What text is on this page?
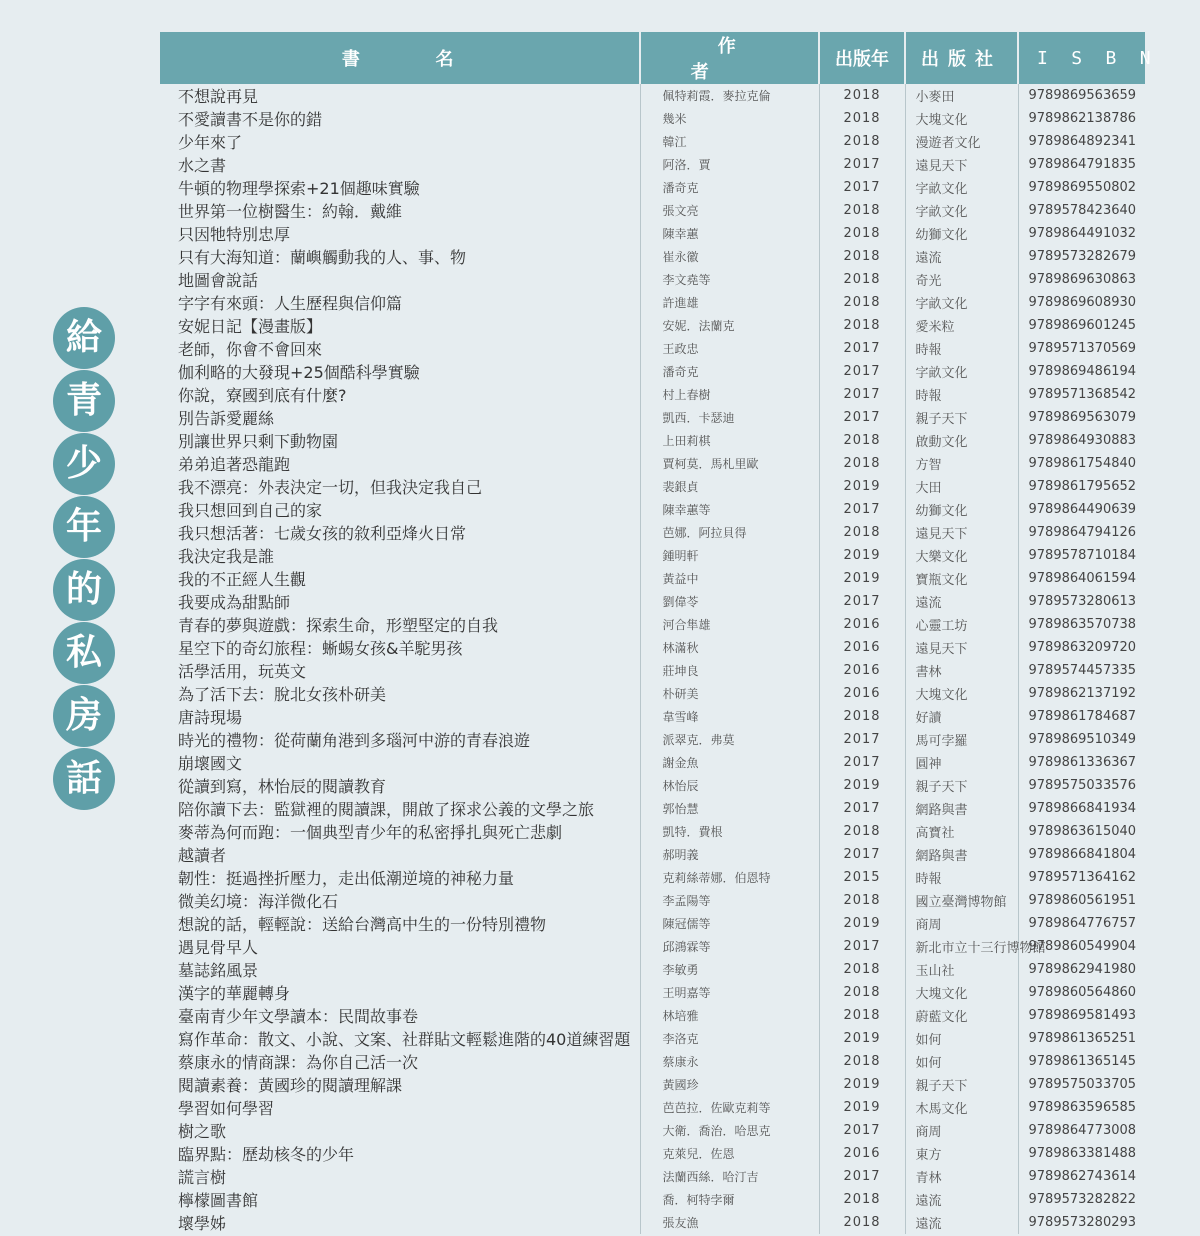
給
青
少
年
的
私
房
話
書名	作者	出版年	出版社	ISBN
不想說再見	佩特莉霞．麥拉克倫	2018	小麥田	9789869563659
不愛讀書不是你的錯	幾米	2018	大塊文化	9789862138786
少年來了	韓江	2018	漫遊者文化	9789864892341
水之書	阿洛．賈	2017	遠見天下	9789864791835
牛頓的物理學探索+21個趣味實驗	潘奇克	2017	字畝文化	9789869550802
世界第一位樹醫生：約翰．戴維	張文亮	2018	字畝文化	9789578423640
只因牠特別忠厚	陳幸蕙	2018	幼獅文化	9789864491032
只有大海知道：蘭嶼觸動我的人、事、物	崔永徽	2018	遠流	9789573282679
地圖會說話	李文堯等	2018	奇光	9789869630863
字字有來頭：人生歷程與信仰篇	許進雄	2018	字畝文化	9789869608930
安妮日記【漫畫版】	安妮．法蘭克	2018	愛米粒	9789869601245
老師，你會不會回來	王政忠	2017	時報	9789571370569
伽利略的大發現+25個酷科學實驗	潘奇克	2017	字畝文化	9789869486194
你說，寮國到底有什麼?	村上春樹	2017	時報	9789571368542
別告訴愛麗絲	凱西．卡瑟迪	2017	親子天下	9789869563079
別讓世界只剩下動物園	上田莉棋	2018	啟動文化	9789864930883
弟弟追著恐龍跑	賈柯莫．馬札里歐	2018	方智	9789861754840
我不漂亮：外表決定一切，但我決定我自己	裴銀貞	2019	大田	9789861795652
我只想回到自己的家	陳幸蕙等	2017	幼獅文化	9789864490639
我只想活著：七歲女孩的敘利亞烽火日常	芭娜．阿拉貝得	2018	遠見天下	9789864794126
我決定我是誰	鍾明軒	2019	大樂文化	9789578710184
我的不正經人生觀	黃益中	2019	寶瓶文化	9789864061594
我要成為甜點師	劉偉苓	2017	遠流	9789573280613
青春的夢與遊戲：探索生命，形塑堅定的自我	河合隼雄	2016	心靈工坊	9789863570738
星空下的奇幻旅程：蜥蜴女孩&羊駝男孩	林滿秋	2016	遠見天下	9789863209720
活學活用，玩英文	莊坤良	2016	書林	9789574457335
為了活下去：脫北女孩朴研美	朴研美	2016	大塊文化	9789862137192
唐詩現場	韋雪峰	2018	好讀	9789861784687
時光的禮物：從荷蘭角港到多瑙河中游的青春浪遊	派翠克．弗莫	2017	馬可孛羅	9789869510349
崩壞國文	謝金魚	2017	圓神	9789861336367
從讀到寫，林怡辰的閱讀教育	林怡辰	2019	親子天下	9789575033576
陪你讀下去：監獄裡的閱讀課，開啟了探求公義的文學之旅	郭怡慧	2017	網路與書	9789866841934
麥蒂為何而跑：一個典型青少年的私密掙扎與死亡悲劇	凱特．費根	2018	高寶社	9789863615040
越讀者	郝明義	2017	網路與書	9789866841804
韌性：挺過挫折壓力，走出低潮逆境的神秘力量	克莉絲蒂娜．伯恩特	2015	時報	9789571364162
微美幻境：海洋微化石	李孟陽等	2018	國立臺灣博物館	9789860561951
想說的話，輕輕說：送給台灣高中生的一份特別禮物	陳冠儒等	2019	商周	9789864776757
遇見骨早人	邱鴻霖等	2017	新北市立十三行博物館	9789860549904
墓誌銘風景	李敏勇	2018	玉山社	9789862941980
漢字的華麗轉身	王明嘉等	2018	大塊文化	9789860564860
臺南青少年文學讀本：民間故事卷	林培雅	2018	蔚藍文化	9789869581493
寫作革命：散文、小說、文案、社群貼文輕鬆進階的40道練習題	李洛克	2019	如何	9789861365251
蔡康永的情商課：為你自己活一次	蔡康永	2018	如何	9789861365145
閱讀素養：黃國珍的閱讀理解課	黃國珍	2019	親子天下	9789575033705
學習如何學習	芭芭拉．佐歐克莉等	2019	木馬文化	9789863596585
樹之歌	大衛．喬治．哈思克	2017	商周	9789864773008
臨界點：歷劫核冬的少年	克萊兒．佐恩	2016	東方	9789863381488
謊言樹	法蘭西絲．哈汀吉	2017	青林	9789862743614
檸檬圖書館	喬．柯特孛爾	2018	遠流	9789573282822
壞學姊	張友漁	2018	遠流	9789573280293
